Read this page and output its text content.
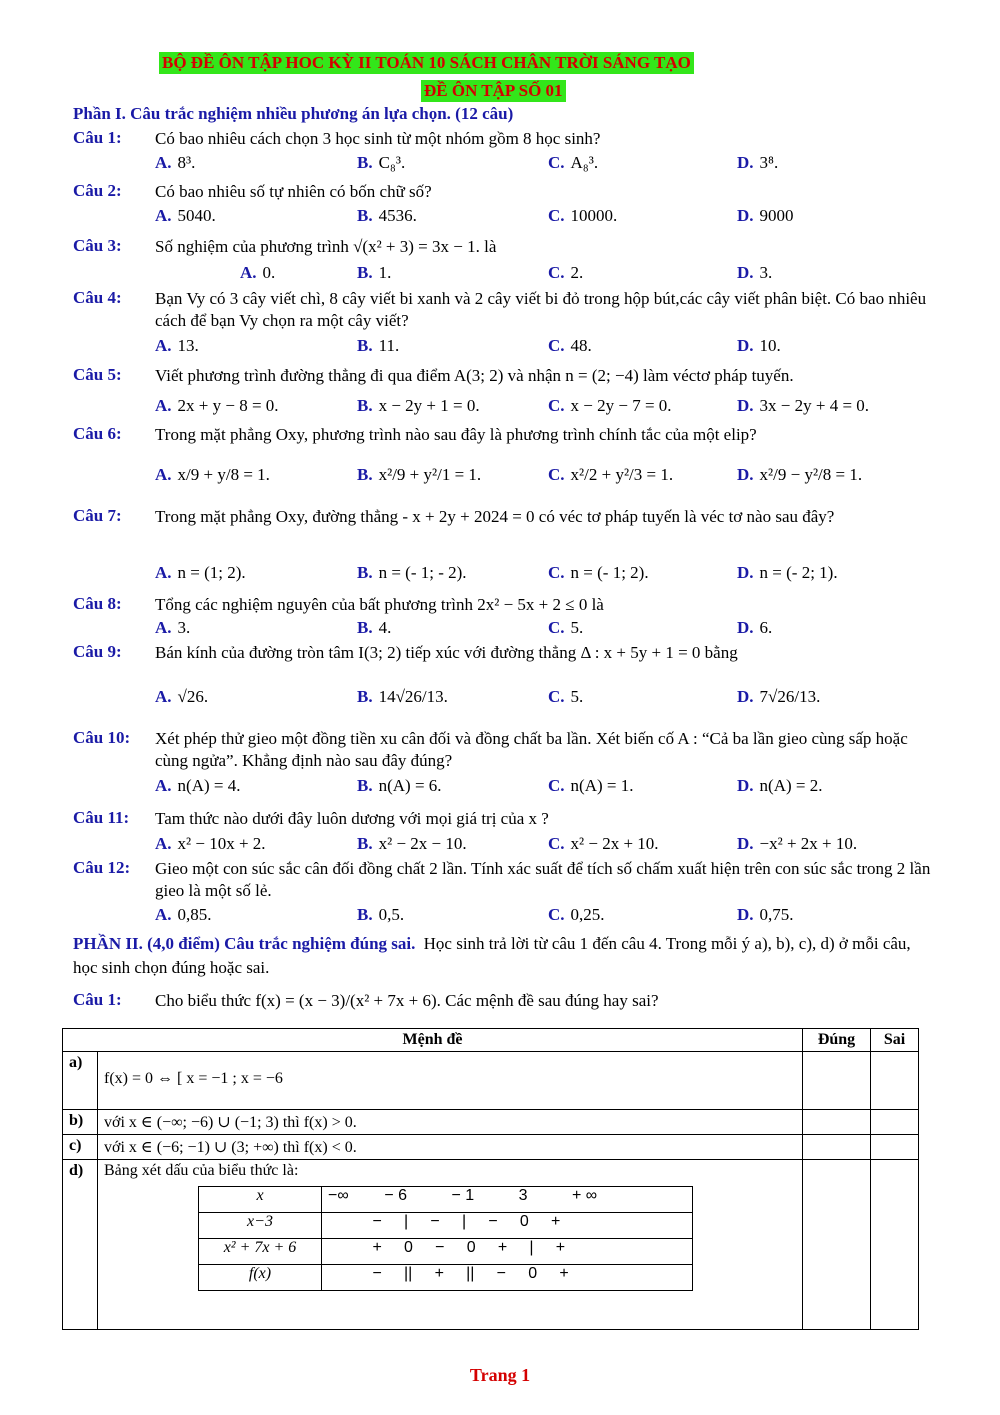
BỘ ĐỀ ÔN TẬP HOC KỲ II TOÁN 10 SÁCH CHÂN TRỜI SÁNG TẠO
ĐỀ ÔN TẬP SỐ 01
Phần I. Câu trắc nghiệm nhiều phương án lựa chọn. (12 câu)
Câu 1: Có bao nhiêu cách chọn 3 học sinh từ một nhóm gồm 8 học sinh?
A. 8³.	B. C₈³.	C. A₈³.	D. 3⁸.
Câu 2: Có bao nhiêu số tự nhiên có bốn chữ số?
A. 5040.	B. 4536.	C. 10000.	D. 9000
Câu 3: Số nghiệm của phương trình √(x² + 3) = 3x − 1. là
A. 0.	B. 1.	C. 2.	D. 3.
Câu 4: Bạn Vy có 3 cây viết chì, 8 cây viết bi xanh và 2 cây viết bi đỏ trong hộp bút,các cây viết phân biệt. Có bao nhiêu cách để bạn Vy chọn ra một cây viết?
A. 13.	B. 11.	C. 48.	D. 10.
Câu 5: Viết phương trình đường thẳng đi qua điểm A(3; 2) và nhận n = (2; −4) làm véctơ pháp tuyến.
A. 2x + y − 8 = 0.	B. x − 2y + 1 = 0.	C. x − 2y − 7 = 0.	D. 3x − 2y + 4 = 0.
Câu 6: Trong mặt phẳng Oxy, phương trình nào sau đây là phương trình chính tắc của một elip?
A. x/9 + y/8 = 1.	B. x²/9 + y²/1 = 1.	C. x²/2 + y²/3 = 1.	D. x²/9 − y²/8 = 1.
Câu 7: Trong mặt phẳng Oxy, đường thẳng - x + 2y + 2024 = 0 có véc tơ pháp tuyến là véc tơ nào sau đây?
A. n = (1; 2).	B. n = (- 1; - 2).	C. n = (- 1; 2).	D. n = (- 2; 1).
Câu 8: Tổng các nghiệm nguyên của bất phương trình 2x² − 5x + 2 ≤ 0 là
A. 3.	B. 4.	C. 5.	D. 6.
Câu 9: Bán kính của đường tròn tâm I(3; 2) tiếp xúc với đường thẳng Δ : x + 5y + 1 = 0 bằng
A. √26.	B. 14√26/13.	C. 5.	D. 7√26/13.
Câu 10: Xét phép thử gieo một đồng tiền xu cân đối và đồng chất ba lần. Xét biến cố A : “Cả ba lần gieo cùng sấp hoặc cùng ngửa”. Khẳng định nào sau đây đúng?
A. n(A) = 4.	B. n(A) = 6.	C. n(A) = 1.	D. n(A) = 2.
Câu 11: Tam thức nào dưới đây luôn dương với mọi giá trị của x ?
A. x² − 10x + 2.	B. x² − 2x − 10.	C. x² − 2x + 10.	D. −x² + 2x + 10.
Câu 12: Gieo một con súc sắc cân đối đồng chất 2 lần. Tính xác suất để tích số chấm xuất hiện trên con súc sắc trong 2 lần gieo là một số lẻ.
A. 0,85.	B. 0,5.	C. 0,25.	D. 0,75.
PHẦN II. (4,0 điểm) Câu trắc nghiệm đúng sai. Học sinh trả lời từ câu 1 đến câu 4. Trong mỗi ý a), b), c), d) ở mỗi câu, học sinh chọn đúng hoặc sai.
Câu 1: Cho biểu thức f(x) = (x − 3)/(x² + 7x + 6). Các mệnh đề sau đúng hay sai?
Mệnh đề	Đúng	Sai
a)	f(x) = 0 ⇔ [ x = −1 ; x = −6		
b)	với x ∈ (−∞; −6) ∪ (−1; 3) thì f(x) > 0.		
c)	với x ∈ (−6; −1) ∪ (3; +∞) thì f(x) < 0.		
d)	Bảng xét dấu của biểu thức là:
x	−∞        − 6          − 1          3          + ∞
x−3	−     |     −     |     −     0     +
x² + 7x + 6	+     0     −     0     +     |     +
f(x)	−     ||     +     ||     −     0     +

Trang 1
